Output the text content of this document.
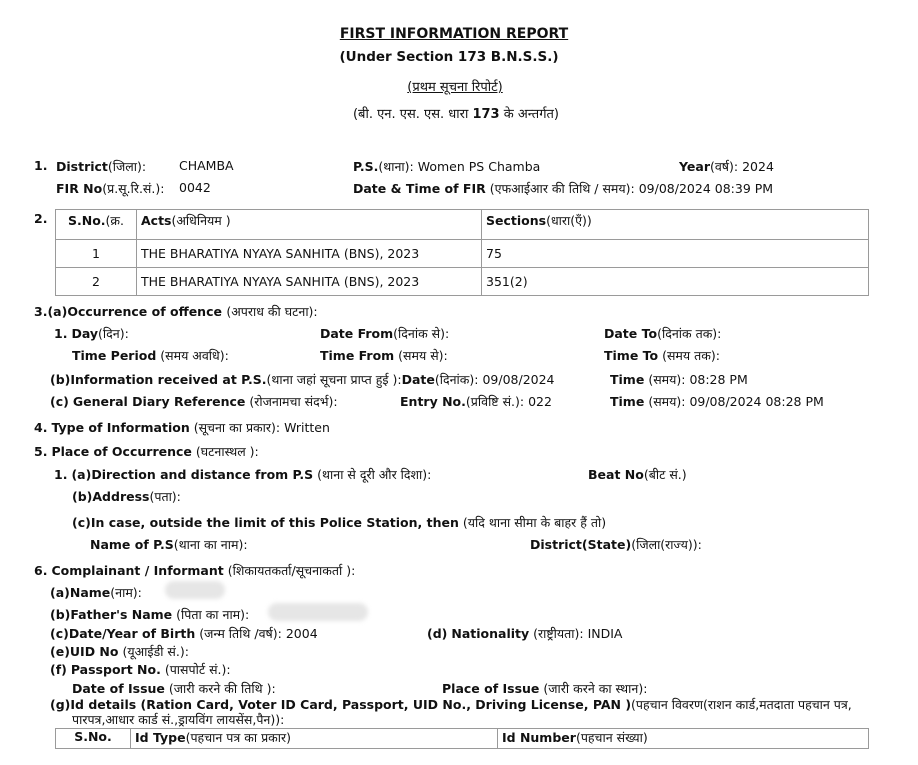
FIRST INFORMATION REPORT
(Under Section 173 B.N.S.S.)
(प्रथम सूचना रिपोर्ट)
(बी. एन. एस. एस. धारा 173 के अन्तर्गत)
1. District(जिला):	CHAMBA	P.S.(थाना): Women PS Chamba	Year(वर्ष): 2024
FIR No(प्र.सू.रि.सं.): 0042	Date & Time of FIR (एफआईआर की तिथि / समय): 09/08/2024 08:39 PM
2. S.No.(क्र.	Acts(अधिनियम )	Sections(धारा(एँ))
1	THE BHARATIYA NYAYA SANHITA (BNS), 2023	75
2	THE BHARATIYA NYAYA SANHITA (BNS), 2023	351(2)
3.(a)Occurrence of offence (अपराध की घटना):
1. Day(दिन):	Date From(दिनांक से):	Date To(दिनांक तक):
Time Period (समय अवधि):	Time From (समय से):	Time To (समय तक):
(b)Information received at P.S.(थाना जहां सूचना प्राप्त हुई ):Date(दिनांक): 09/08/2024	Time (समय): 08:28 PM
(c) General Diary Reference (रोजनामचा संदर्भ):	Entry No.(प्रविष्टि सं.): 022	Time (समय): 09/08/2024 08:28 PM
4. Type of Information (सूचना का प्रकार): Written
5. Place of Occurrence (घटनास्थल ):
1. (a)Direction and distance from P.S (थाना से दूरी और दिशा):	Beat No(बीट सं.)
(b)Address(पता):
(c)In case, outside the limit of this Police Station, then (यदि थाना सीमा के बाहर हैं तो)
Name of P.S(थाना का नाम):	District(State)(जिला(राज्य)):
6. Complainant / Informant (शिकायतकर्ता/सूचनाकर्ता ):
(a)Name(नाम):
(b)Father's Name (पिता का नाम):
(c)Date/Year of Birth (जन्म तिथि /वर्ष): 2004	(d) Nationality (राष्ट्रीयता): INDIA
(e)UID No (यूआईडी सं.):
(f) Passport No. (पासपोर्ट सं.):
Date of Issue (जारी करने की तिथि ):	Place of Issue (जारी करने का स्थान):
(g)Id details (Ration Card, Voter ID Card, Passport, UID No., Driving License, PAN )(पहचान विवरण(राशन कार्ड,मतदाता पहचान पत्र,
पारपत्र,आधार कार्ड सं.,ड्रायविंग लायसेंस,पैन)):
S.No.	Id Type(पहचान पत्र का प्रकार)	Id Number(पहचान संख्या)
